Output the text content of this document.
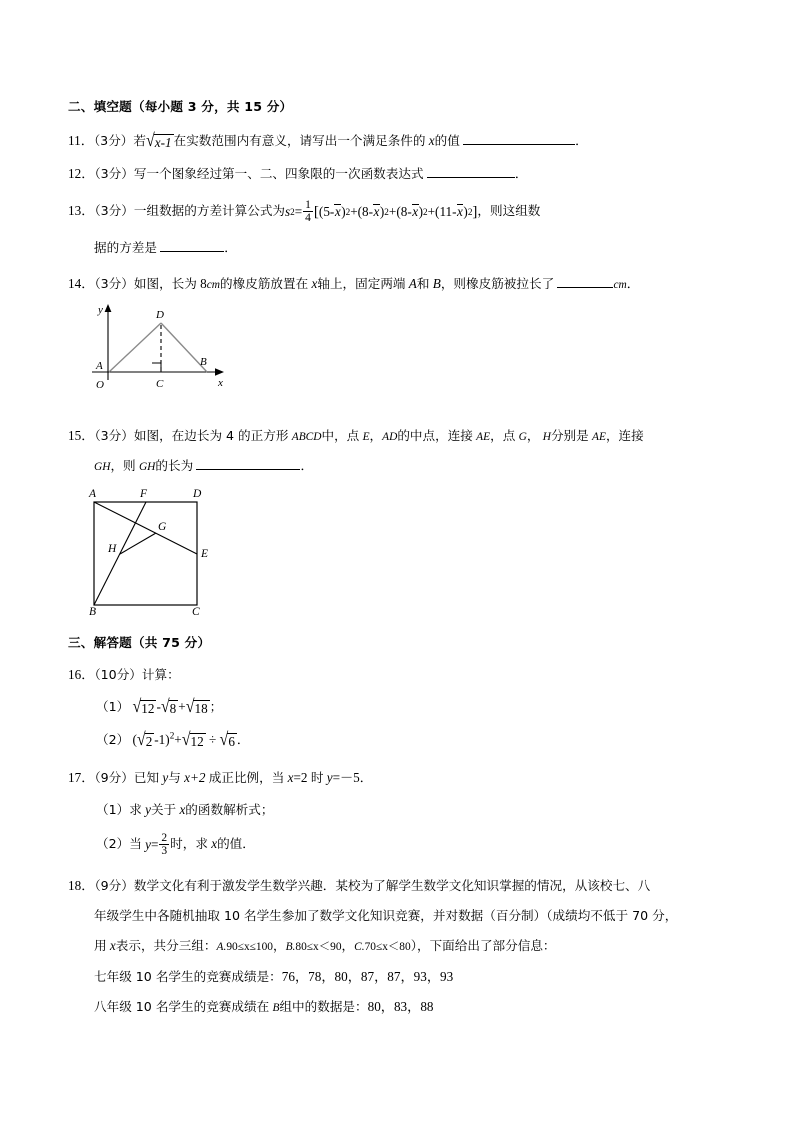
二、填空题（每小题 3 分，共 15 分）
11．（3分）若 √ x-1 在实数范围内有意义，请写出一个满足条件的 x的值	．
12．（3分）写一个图象经过第一、二、四象限的一次函数表达式	．
13．（3分）一组数据的方差计算公式为 s $2 = \frac{1}{4}$ [ ( 5 - x ) 2 + ( 8 - x ) 2 + ( 8 - x ) 2 + ( 11 - x ) 2 ] ，则这组数
据的方差是	．
14．（3分）如图，长为 8cm的橡皮筋放置在 x轴上，固定两端 A和 B，则橡皮筋被拉长了	cm．
y
x
O
A	B
C
D
15．（3分）如图，在边长为 4 的正方形 ABCD中，点 E，AD的中点，连接 AE，点 G， H分别是 AE，连接
GH，则 GH的长为	．
A	F	D
G
H	E
B	C
三、解答题（共 75 分）
16．（10分）计算：
（1） √ 12 - √ 8 + √ 18 ；
（2） ( √ 2 -1)$^2$+ √ 12 ÷ √ 6 ．
17．（9分）已知 y与 x+2 成正比例，当 x=2 时 y=－5．
（1）求 y关于 x的函数解析式；
（2）当 $y = \frac{2}{3}$ 时，求 x的值．
18．（9分）数学文化有利于激发学生数学兴趣．某校为了解学生数学文化知识掌握的情况，从该校七、八
年级学生中各随机抽取 10 名学生参加了数学文化知识竞赛，并对数据（百分制）（成绩均不低于 70 分，
用 x表示，共分三组：A.90≤x≤100，B.80≤x＜90，C.70≤x＜80），下面给出了部分信息：
七年级 10 名学生的竞赛成绩是：76，78，80，87，87，93，93
八年级 10 名学生的竞赛成绩在 B组中的数据是：80，83，88
